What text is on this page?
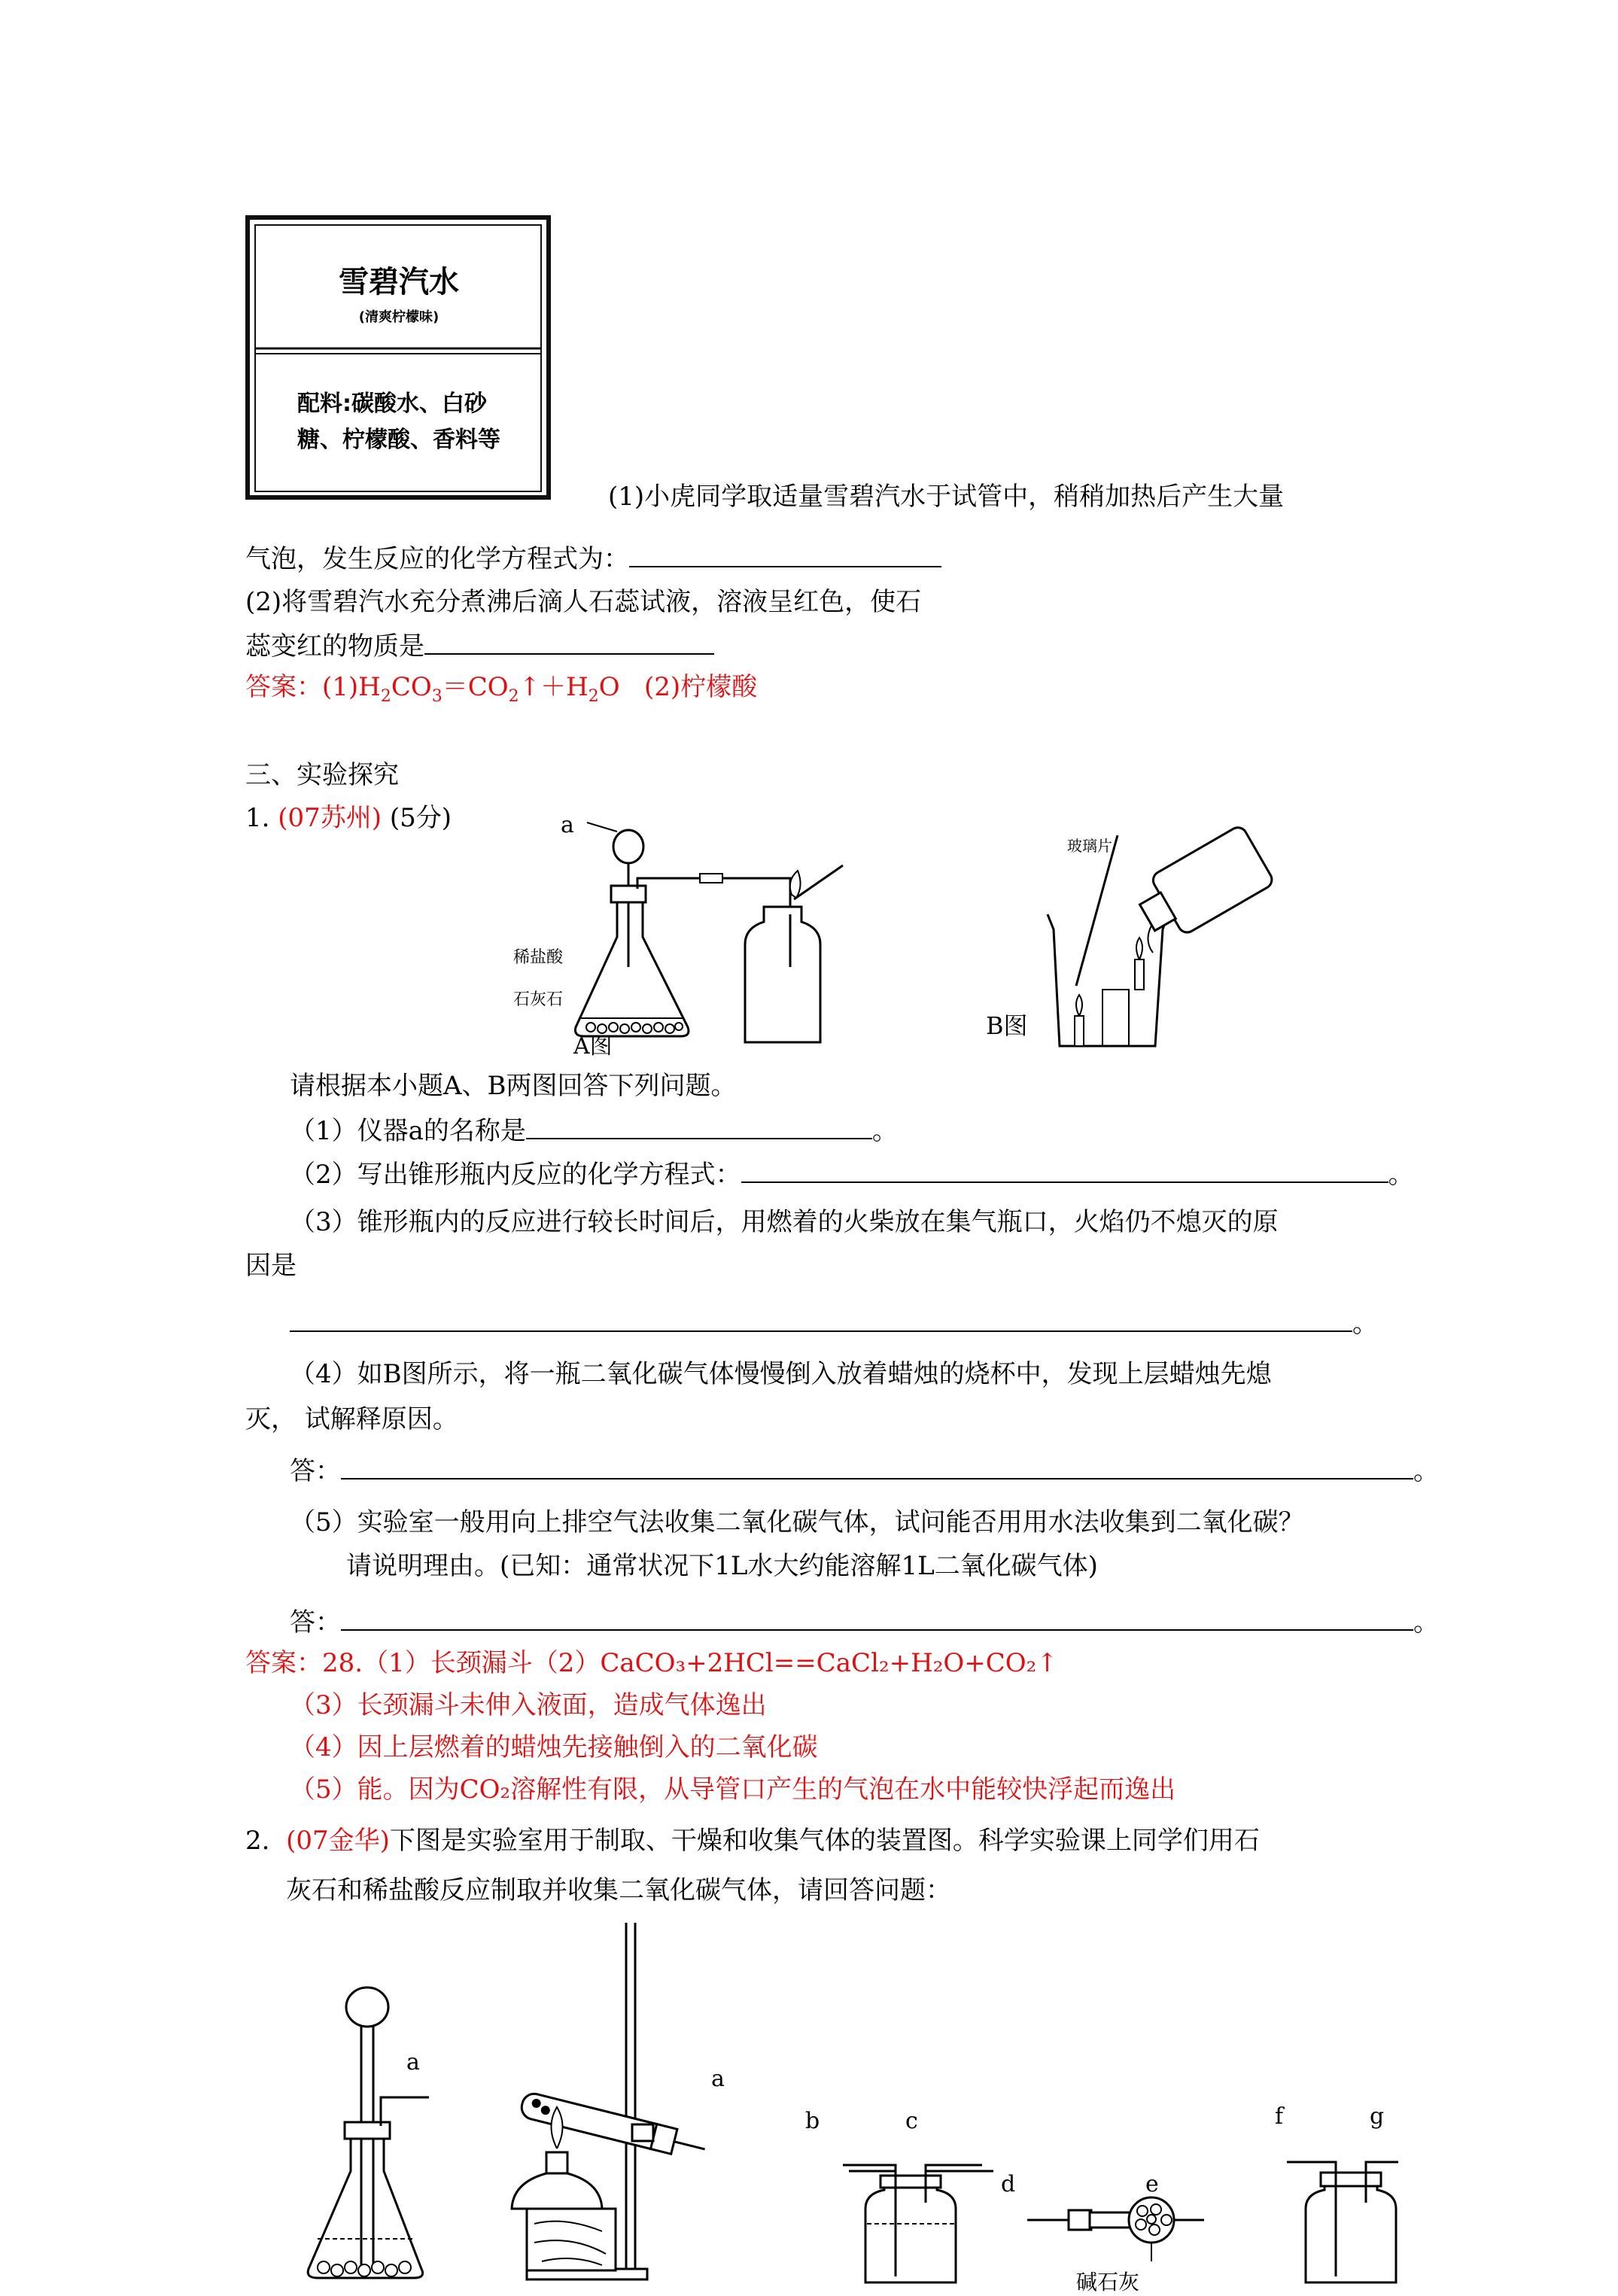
雪碧汽水
(清爽柠檬味)
配料:碳酸水、白砂
糖、柠檬酸、香料等
(1)小虎同学取适量雪碧汽水于试管中，稍稍加热后产生大量
气泡，发生反应的化学方程式为：
(2)将雪碧汽水充分煮沸后滴人石蕊试液，溶液呈红色，使石
蕊变红的物质是
答案：$(1)H_2CO_3=CO_2↑+H_2O$   (2)柠檬酸
三、实验探究
1. (07苏州) (5分)	a
稀盐酸
石灰石
A图
玻璃片
B图
请根据本小题A、B两图回答下列问题。
（1）仪器a的名称是	。
（2）写出锥形瓶内反应的化学方程式：	。
（3）锥形瓶内的反应进行较长时间后，用燃着的火柴放在集气瓶口，火焰仍不熄灭的原
因是
。
（4）如B图所示，将一瓶二氧化碳气体慢慢倒入放着蜡烛的烧杯中，发现上层蜡烛先熄
灭， 试解释原因。
答：	。
（5）实验室一般用向上排空气法收集二氧化碳气体，试问能否用用水法收集到二氧化碳？
请说明理由。(已知：通常状况下1L水大约能溶解1L二氧化碳气体)
答：	。
答案：28.（1）长颈漏斗（2）CaCO₃+2HCl==CaCl₂+H₂O+CO₂↑
（3）长颈漏斗未伸入液面，造成气体逸出
（4）因上层燃着的蜡烛先接触倒入的二氧化碳
（5）能。因为CO₂溶解性有限，从导管口产生的气泡在水中能较快浮起而逸出
2. (07金华)下图是实验室用于制取、干燥和收集气体的装置图。科学实验课上同学们用石
灰石和稀盐酸反应制取并收集二氧化碳气体，请回答问题：
a
a
b	c
d	e
f	g
碱石灰
